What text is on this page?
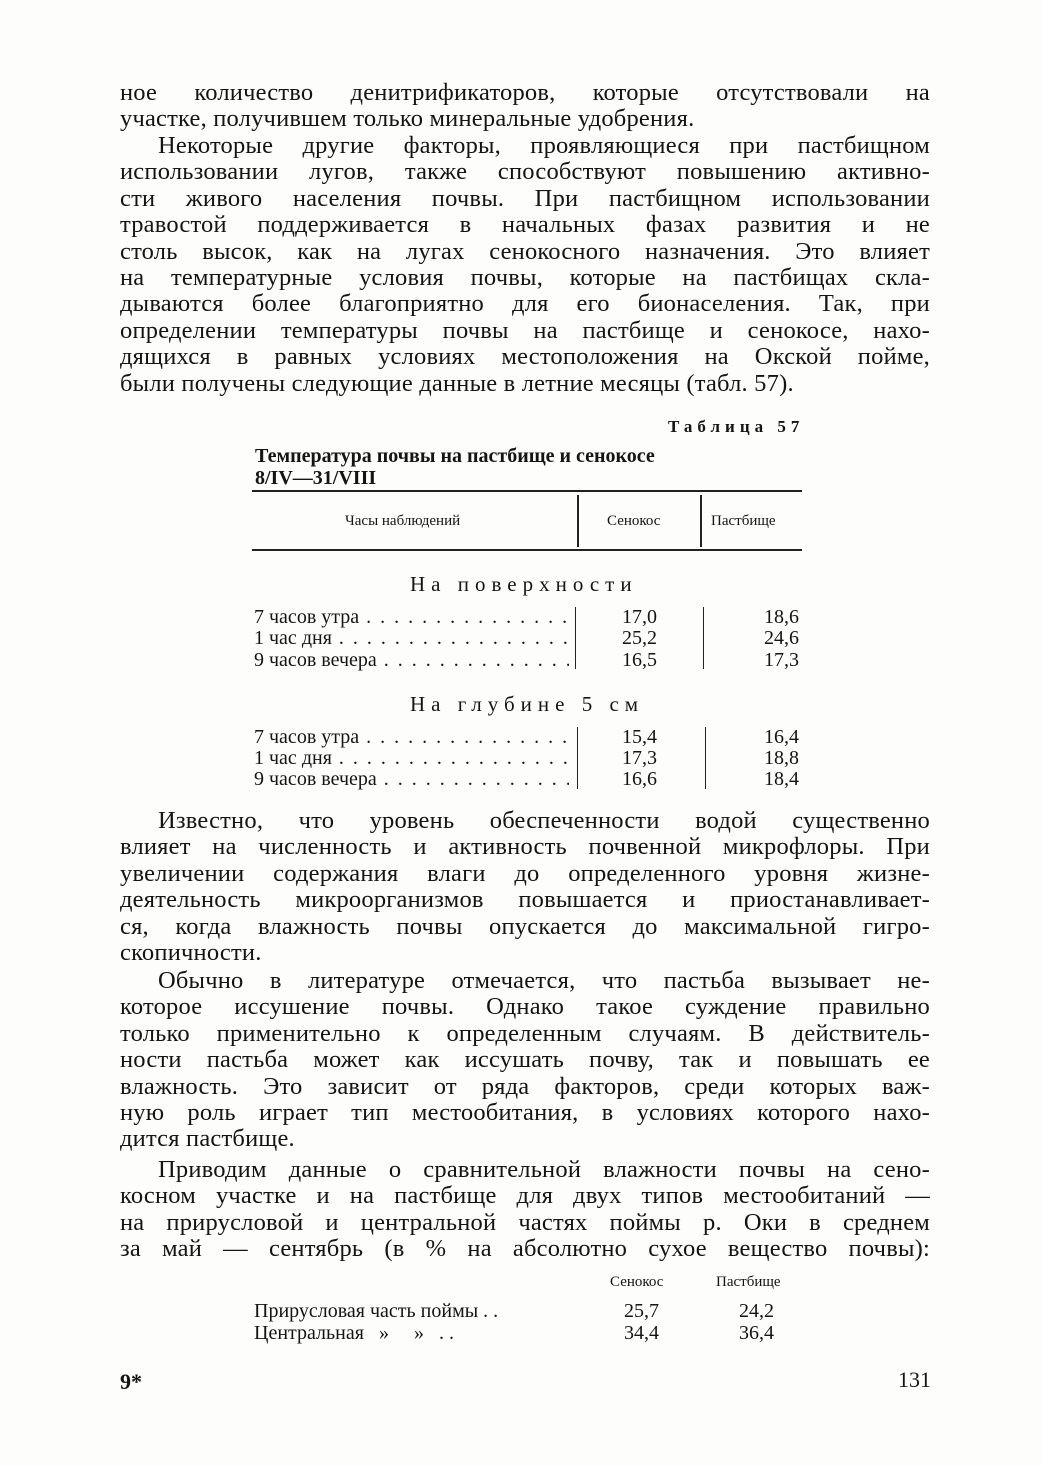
ное количество денитрификаторов, которые отсутствовали на
участке, получившем только минеральные удобрения.
Некоторые другие факторы, проявляющиеся при пастбищном
использовании лугов, также способствуют повышению активно-
сти живого населения почвы. При пастбищном использовании
травостой поддерживается в начальных фазах развития и не
столь высок, как на лугах сенокосного назначения. Это влияет
на температурные условия почвы, которые на пастбищах скла-
дываются более благоприятно для его бионаселения. Так, при
определении температуры почвы на пастбище и сенокосе, нахо-
дящихся в равных условиях местоположения на Окской пойме,
были получены следующие данные в летние месяцы (табл. 57).
Таблица 57
Температура почвы на пастбище и сенокосе
8/IV—31/VIII
Часы наблюдений	Сенокос	Пастбище
На поверхности
7 часов утра . . .	17,0	18,6
1 час дня . . .	25,2	24,6
9 часов вечера . . .	16,5	17,3
На глубине 5 см
7 часов утра . . .	15,4	16,4
1 час дня . . .	17,3	18,8
9 часов вечера . . .	16,6	18,4
Известно, что уровень обеспеченности водой существенно
влияет на численность и активность почвенной микрофлоры. При
увеличении содержания влаги до определенного уровня жизне-
деятельность микроорганизмов повышается и приостанавливает-
ся, когда влажность почвы опускается до максимальной гигро-
скопичности.
Обычно в литературе отмечается, что пастьба вызывает не-
которое иссушение почвы. Однако такое суждение правильно
только применительно к определенным случаям. В действитель-
ности пастьба может как иссушать почву, так и повышать ее
влажность. Это зависит от ряда факторов, среди которых важ-
ную роль играет тип местообитания, в условиях которого нахо-
дится пастбище.
Приводим данные о сравнительной влажности почвы на сено-
косном участке и на пастбище для двух типов местообитаний —
на прирусловой и центральной частях поймы р. Оки в среднем
за май — сентябрь (в % на абсолютно сухое вещество почвы):
Сенокос	Пастбище
Прирусловая часть поймы . .	25,7	24,2
Центральная   »     »   . .	34,4	36,4
9*	131
